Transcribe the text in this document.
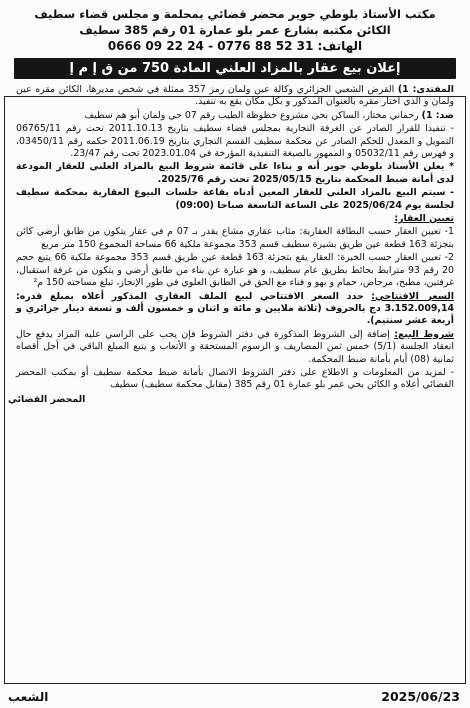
مكتب الأستاذ بلوطي جوير محضر قضائي بمحلمة و مجلس قضاء سطيف
الكائن مكتبه بشارع عمر بلو عمارة 01 رقم 385 سطيف
الهاتف: 31 52 88 0776 - 24 22 09 0666
إعلان بيع عقار بالمزاد العلني المادة 750 من ق إ م إ

المفتدى: 1) القرض الشعبي الجزائري وكالة عين ولمان رمز 357 ممثلة في شخص مديرها، الكائن مقره عين ولمان و الذي اختار مقره بالعنوان المذكور و بكل مكان يقع به تنفيذ.

ضد: 1) رحماني مختار، الساكن بحي مشروع حظوظة الطيب رقم 07 حي ولمان أبو هم سطيف

- تنفيذا للقرار الصادر عن الغرفة التجارية بمجلس قضاء سطيف بتاريخ 2011.10.13 تحت رقم 06765/11 التمويل و المعدل للحكم الصادر عن محكمة سطيف القسم التجاري بتاريخ 2011.06.19 حكمه رقم 03450/11، و فهرس رقم 05032/11 و الممهور بالصيغة التنفيذية المؤرخة في 2023.01.04 تحت رقم 23/47.

* يعلن الأستاذ بلوطي جوير أنه و بناءا على قائمة شروط البيع بالمزاد العلني للعقار المودعة لدى أمانة ضبط المحكمة بتاريخ 2025/05/15 تحت رقم 2025/76.

- سيتم البيع بالمزاد العلني للعقار المعين أدناه بقاعة جلسات البيوع العقارية بمحكمة سطيف لجلسة يوم 2025/06/24 على الساعة التاسعة صباحا (09:00)

تعيين العقار:

1- تعيين العقار حسب البطاقة العقارية: مثاب عقاري مشاع يقدر بـ 07 م في عقار يتكون من طابق أرضي كائن بتجزئة 163 قطعة عين طريق بشيرة سطيف قسم 353 مجموعة ملكية 66 مساحة المجموع 150 متر مربع

2- تعيين العقار حسب الخبرة: العقار يقع بتجزئة 163 قطعة عين طريق قسم 353 مجموعة ملكية 66 يتبع حجم 20 رقم 93 مترابط بحائط بطريق عام سطيف، و هو عبارة عن بناء من طابق أرضي و يتكون من غرفة استقبال، غرفتين، مطبخ، مرحاض، حمام و بهو و فناء مع الحق في الطابق العلوي في طور الإنجاز، تبلغ مساحته 150 م²

السعر الافتتاحي: حدد السعر الافتتاحي لبيع الملف العقاري المذكور أعلاه بمبلغ قدره: 3.152.009,14 دج بالحروف (ثلاثة ملايين و مائة و اثنان و خمسون ألف و تسعة دينار جزائري و أربعة عشر سنتيم).

شروط البيع: إضافة إلى الشروط المذكورة في دفتر الشروط فإن يجب على الراسي عليه المزاد يدفع حال انعقاد الجلسة (5/1) خمس ثمن المصاريف و الرسوم المستحقة و الأتعاب و يتبع المبلغ الباقي في أجل أقصاه ثمانية (08) أيام بأمانة ضبط المحكمة.

- لمزيد من المعلومات و الاطلاع على دفتر الشروط الاتصال بأمانة ضبط محكمة سطيف أو بمكتب المحضر القضائي أعلاه و الكائن بحي عمر بلو عمارة 01 رقم 385 (مقابل محكمة سطيف) سطيف

المحضر القضائي
2025/06/23
الشعب
